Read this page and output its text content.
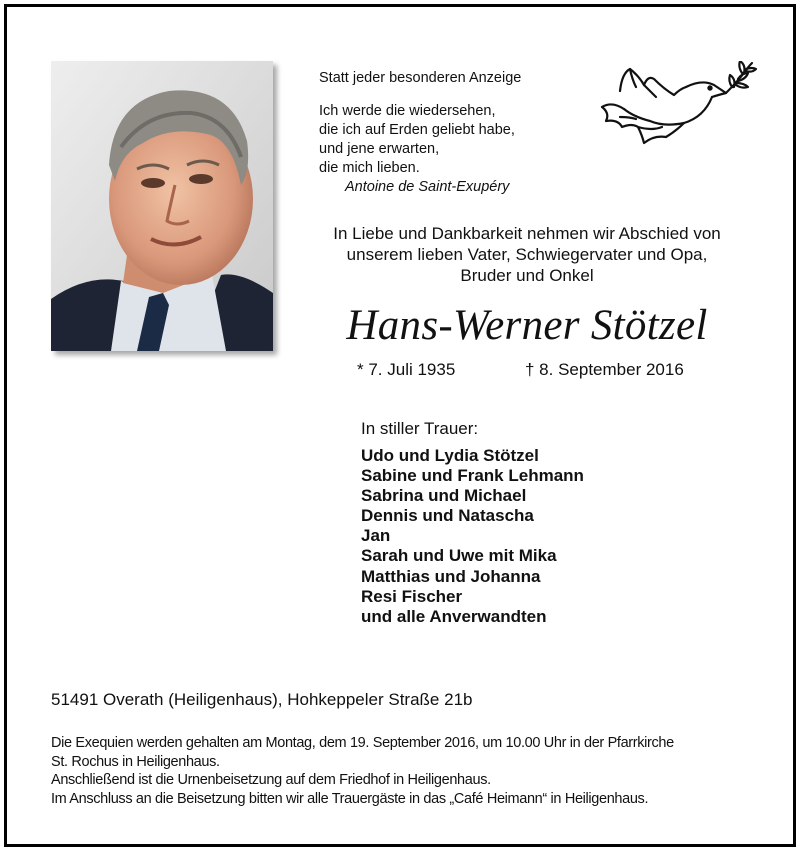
Statt jeder besonderen Anzeige
Ich werde die wiedersehen,
die ich auf Erden geliebt habe,
und jene erwarten,
die mich lieben.
Antoine de Saint-Exupéry
In Liebe und Dankbarkeit nehmen wir Abschied von
unserem lieben Vater, Schwiegervater und Opa,
Bruder und Onkel
Hans-Werner Stötzel
* 7. Juli 1935	† 8. September 2016
In stiller Trauer:
Udo und Lydia Stötzel
Sabine und Frank Lehmann
Sabrina und Michael
Dennis und Natascha
Jan
Sarah und Uwe mit Mika
Matthias und Johanna
Resi Fischer
und alle Anverwandten
51491 Overath (Heiligenhaus), Hohkeppeler Straße 21b
Die Exequien werden gehalten am Montag, dem 19. September 2016, um 10.00 Uhr in der Pfarrkirche
St. Rochus in Heiligenhaus.
Anschließend ist die Urnenbeisetzung auf dem Friedhof in Heiligenhaus.
Im Anschluss an die Beisetzung bitten wir alle Trauergäste in das „Café Heimann“ in Heiligenhaus.
